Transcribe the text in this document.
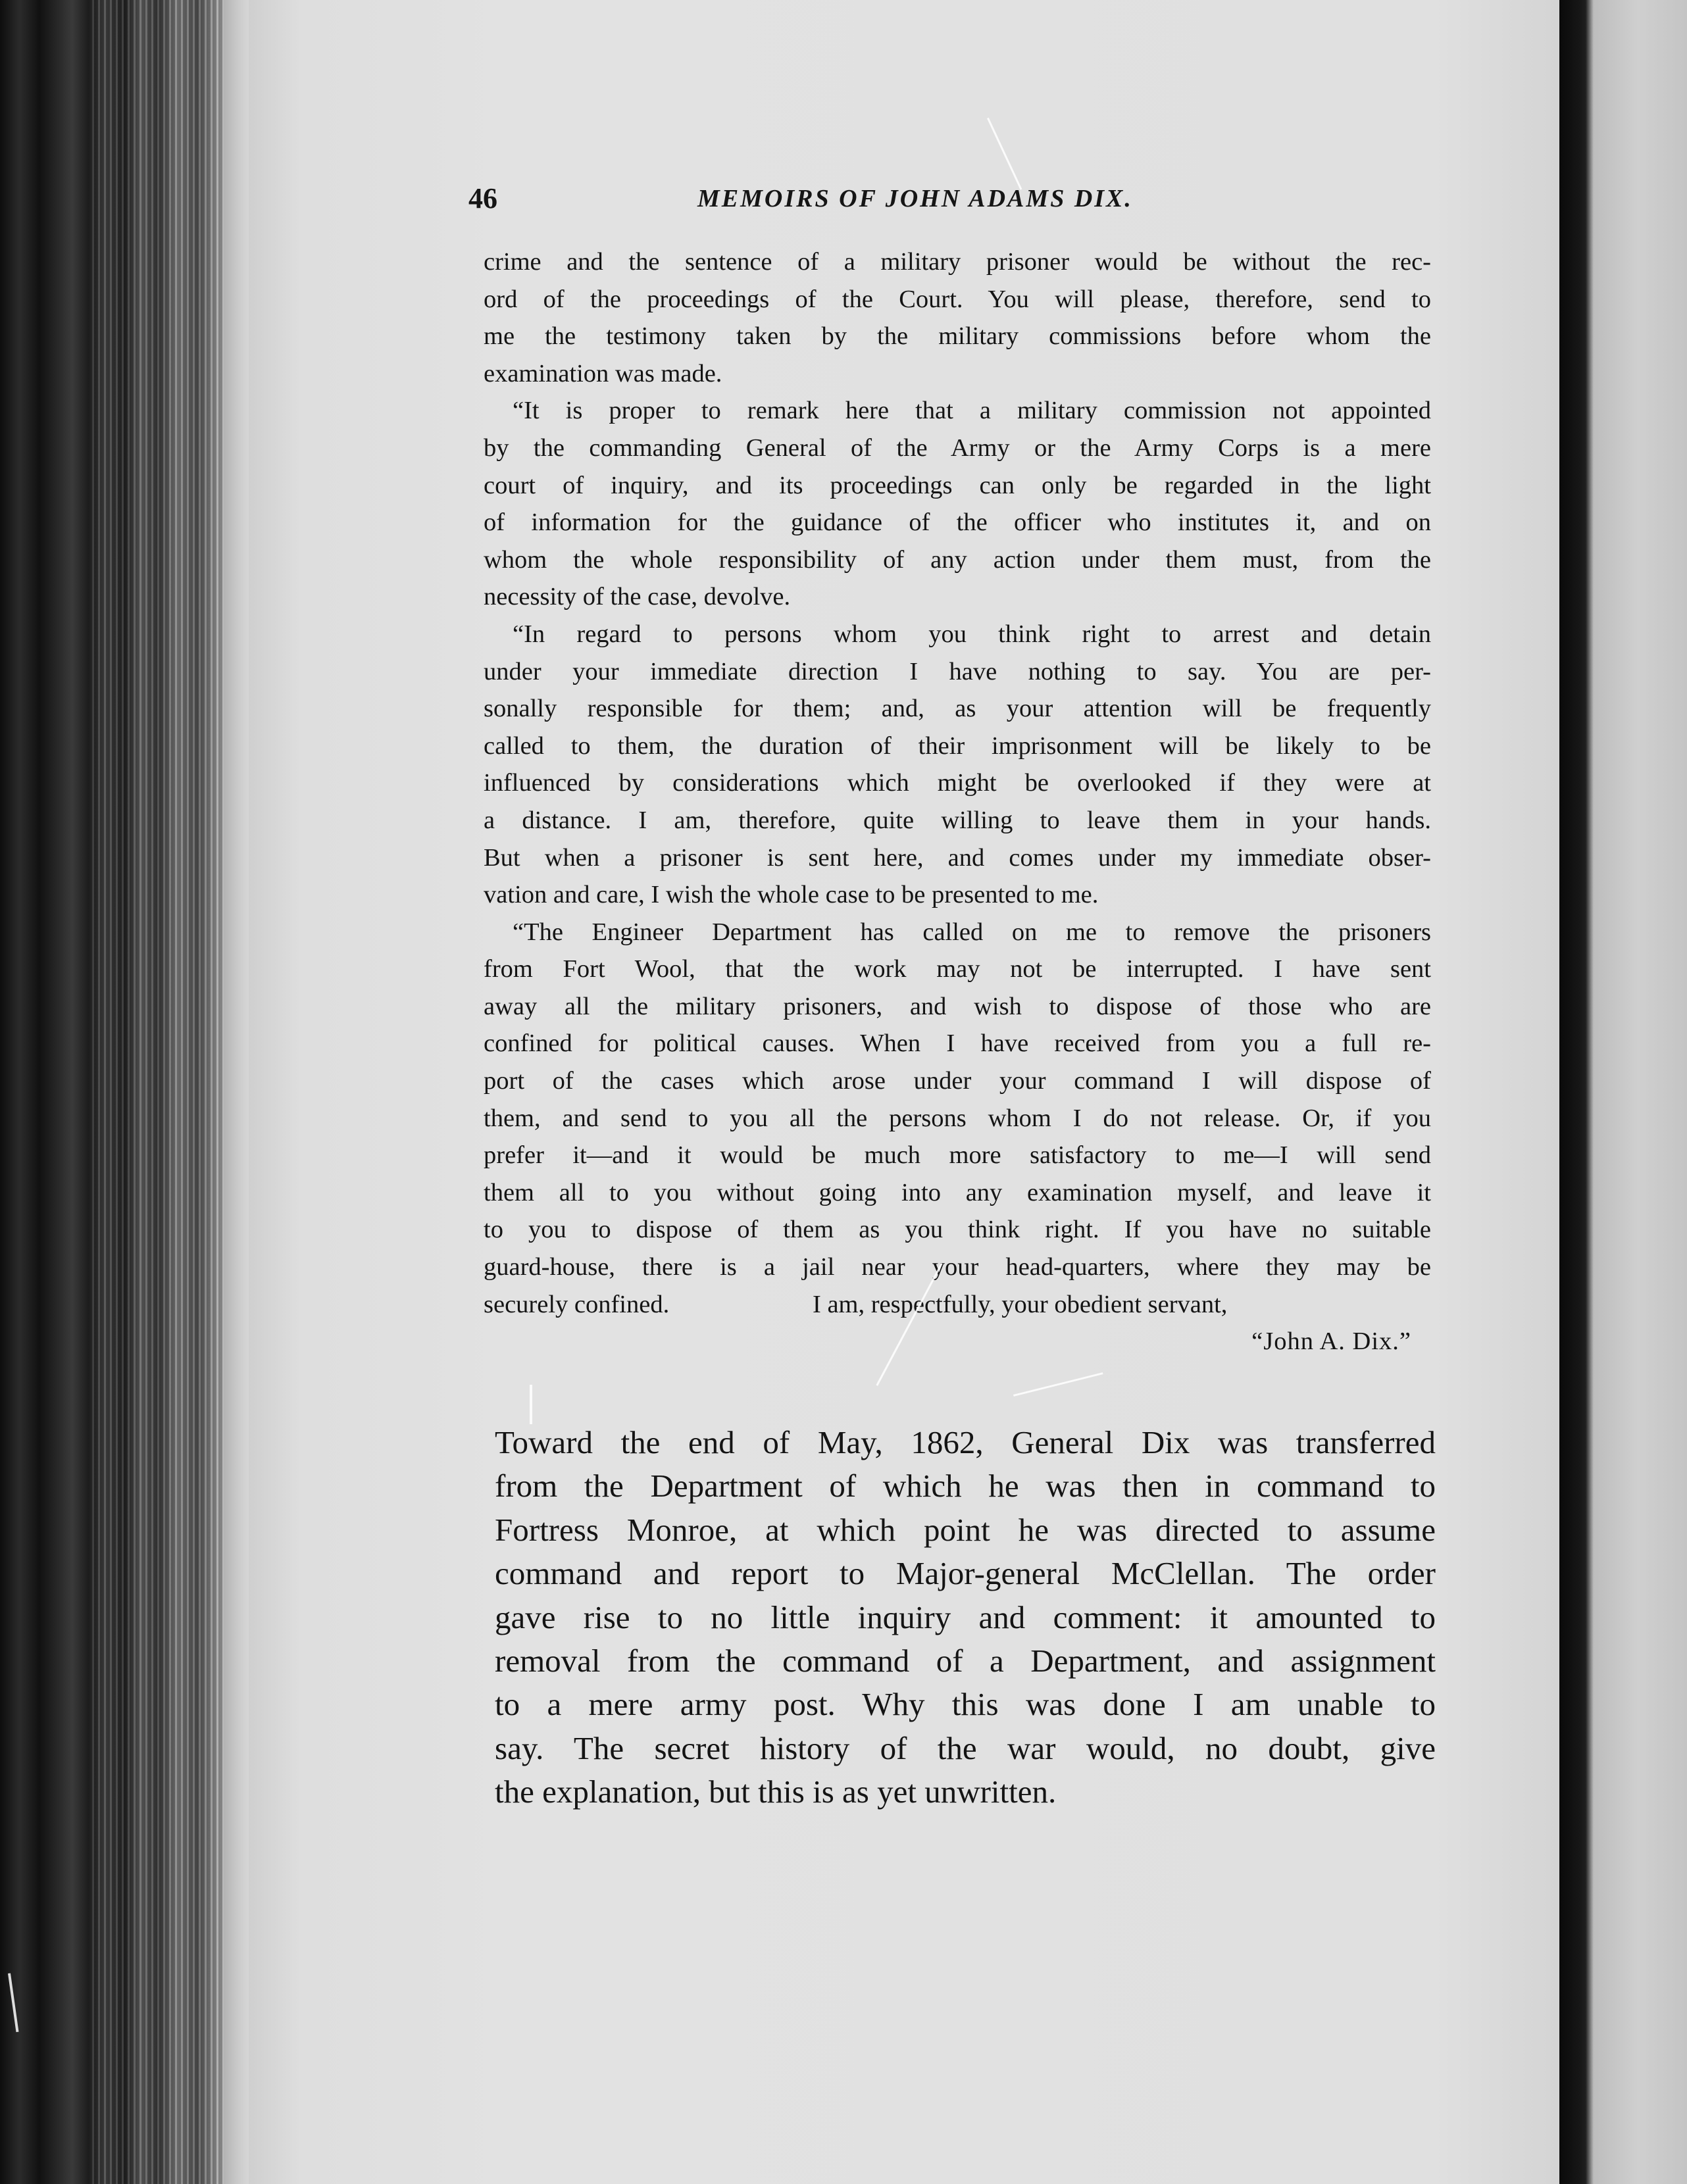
46	MEMOIRS OF JOHN ADAMS DIX.
crime and the sentence of a military prisoner would be without the rec-
ord of the proceedings of the Court. You will please, therefore, send to
me the testimony taken by the military commissions before whom the
examination was made.
“It is proper to remark here that a military commission not appointed
by the commanding General of the Army or the Army Corps is a mere
court of inquiry, and its proceedings can only be regarded in the light
of information for the guidance of the officer who institutes it, and on
whom the whole responsibility of any action under them must, from the
necessity of the case, devolve.
“In regard to persons whom you think right to arrest and detain
under your immediate direction I have nothing to say. You are per-
sonally responsible for them; and, as your attention will be frequently
called to them, the duration of their imprisonment will be likely to be
influenced by considerations which might be overlooked if they were at
a distance. I am, therefore, quite willing to leave them in your hands.
But when a prisoner is sent here, and comes under my immediate obser-
vation and care, I wish the whole case to be presented to me.
“The Engineer Department has called on me to remove the prisoners
from Fort Wool, that the work may not be interrupted. I have sent
away all the military prisoners, and wish to dispose of those who are
confined for political causes. When I have received from you a full re-
port of the cases which arose under your command I will dispose of
them, and send to you all the persons whom I do not release. Or, if you
prefer it—and it would be much more satisfactory to me—I will send
them all to you without going into any examination myself, and leave it
to you to dispose of them as you think right. If you have no suitable
guard-house, there is a jail near your head-quarters, where they may be
securely confined.	I am, respectfully, your obedient servant,
“John A. Dix.”
Toward the end of May, 1862, General Dix was transferred
from the Department of which he was then in command to
Fortress Monroe, at which point he was directed to assume
command and report to Major-general McClellan. The order
gave rise to no little inquiry and comment: it amounted to
removal from the command of a Department, and assignment
to a mere army post. Why this was done I am unable to
say. The secret history of the war would, no doubt, give
the explanation, but this is as yet unwritten.
